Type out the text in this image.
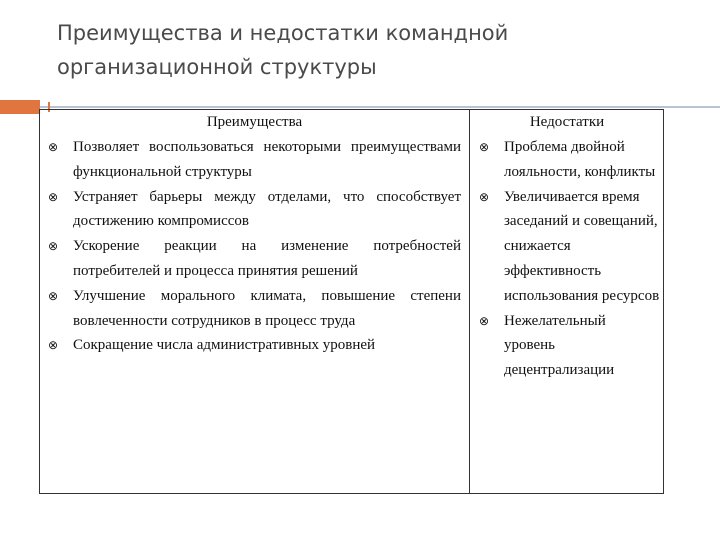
Преимущества и недостатки командной организационной структуры
Преимущества
⊗ Позволяет воспользоваться некоторыми преимуществами функциональной структуры
⊗ Устраняет барьеры между отделами, что способствует достижению компромиссов
⊗ Ускорение реакции на изменение потребностей потребителей и процесса принятия решений
⊗ Улучшение морального климата, повышение степени вовлеченности сотрудников в процесс труда
⊗ Сокращение числа административных уровней
Недостатки
⊗ Проблема двойной лояльности, конфликты
⊗ Увеличивается время заседаний и совещаний, снижается эффективность использования ресурсов
⊗ Нежелательный уровень децентрализации
